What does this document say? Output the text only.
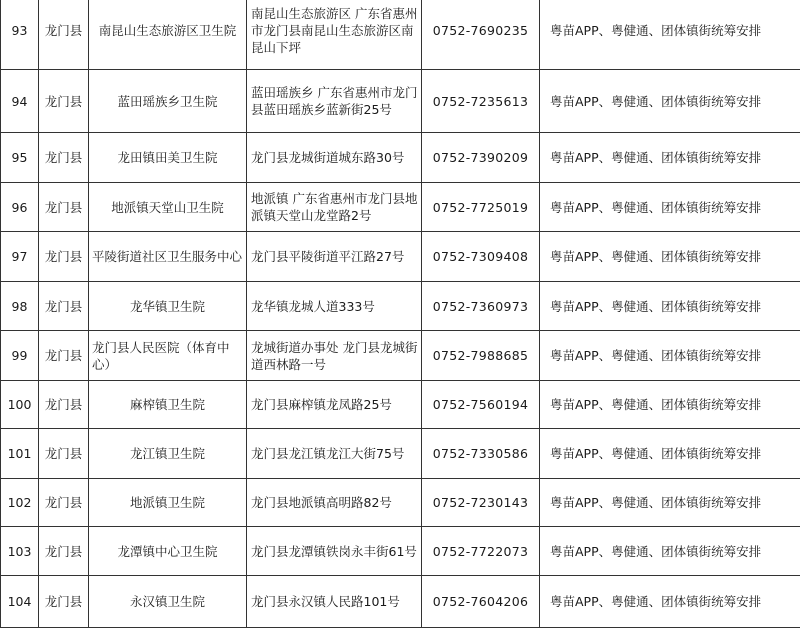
93	龙门县	南昆山生态旅游区卫生院	南昆山生态旅游区 广东省惠州市龙门县南昆山生态旅游区南昆山下坪	0752-7690235	粤苗APP、粤健通、团体镇街统筹安排
94	龙门县	蓝田瑶族乡卫生院	蓝田瑶族乡 广东省惠州市龙门县蓝田瑶族乡蓝新街25号	0752-7235613	粤苗APP、粤健通、团体镇街统筹安排
95	龙门县	龙田镇田美卫生院	龙门县龙城街道城东路30号	0752-7390209	粤苗APP、粤健通、团体镇街统筹安排
96	龙门县	地派镇天堂山卫生院	地派镇 广东省惠州市龙门县地派镇天堂山龙堂路2号	0752-7725019	粤苗APP、粤健通、团体镇街统筹安排
97	龙门县	平陵街道社区卫生服务中心	龙门县平陵街道平江路27号	0752-7309408	粤苗APP、粤健通、团体镇街统筹安排
98	龙门县	龙华镇卫生院	龙华镇龙城人道333号	0752-7360973	粤苗APP、粤健通、团体镇街统筹安排
99	龙门县	龙门县人民医院（体育中心）	龙城街道办事处 龙门县龙城街道西林路一号	0752-7988685	粤苗APP、粤健通、团体镇街统筹安排
100	龙门县	麻榨镇卫生院	龙门县麻榨镇龙凤路25号	0752-7560194	粤苗APP、粤健通、团体镇街统筹安排
101	龙门县	龙江镇卫生院	龙门县龙江镇龙江大街75号	0752-7330586	粤苗APP、粤健通、团体镇街统筹安排
102	龙门县	地派镇卫生院	龙门县地派镇高明路82号	0752-7230143	粤苗APP、粤健通、团体镇街统筹安排
103	龙门县	龙潭镇中心卫生院	龙门县龙潭镇铁岗永丰街61号	0752-7722073	粤苗APP、粤健通、团体镇街统筹安排
104	龙门县	永汉镇卫生院	龙门县永汉镇人民路101号	0752-7604206	粤苗APP、粤健通、团体镇街统筹安排
